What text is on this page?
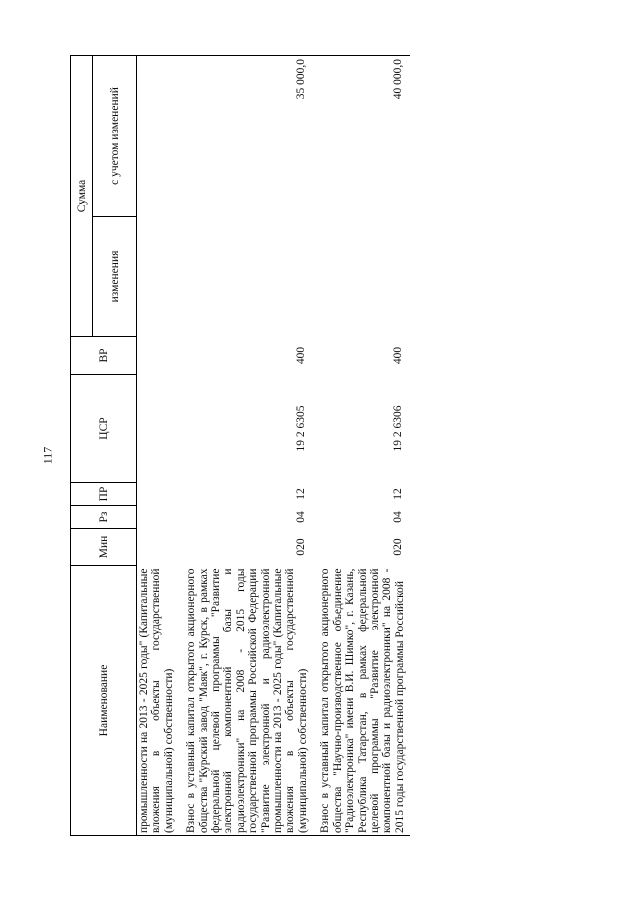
117
Наименование	Мин	Рз	ПР	ЦСР	ВР	Сумма	
						изменения	с учетом изменений
промышленности на 2013 - 2025 годы" (Капитальные вложения в объекты государственной (муниципальной) собственности)							
Взнос в уставный капитал открытого акционерного общества "Курский завод "Маяк", г. Курск, в рамках федеральной целевой программы "Развитие электронной компонентной базы и радиоэлектроники" на 2008 - 2015 годы государственной программы Российской Федерации "Развитие электронной и радиоэлектронной промышленности на 2013 - 2025 годы" (Капитальные вложения в объекты государственной (муниципальной) собственности)	020	04	12	19 2 6305	400		35 000,0
Взнос в уставный капитал открытого акционерного общества "Научно-производственное объединение "Радиоэлектроника" имени В.И. Шимко", г. Казань, Республика Татарстан, в рамках федеральной целевой программы "Развитие электронной компонентной базы и радиоэлектроники" на 2008 - 2015 годы государственной программы Российской	020	04	12	19 2 6306	400		40 000,0
